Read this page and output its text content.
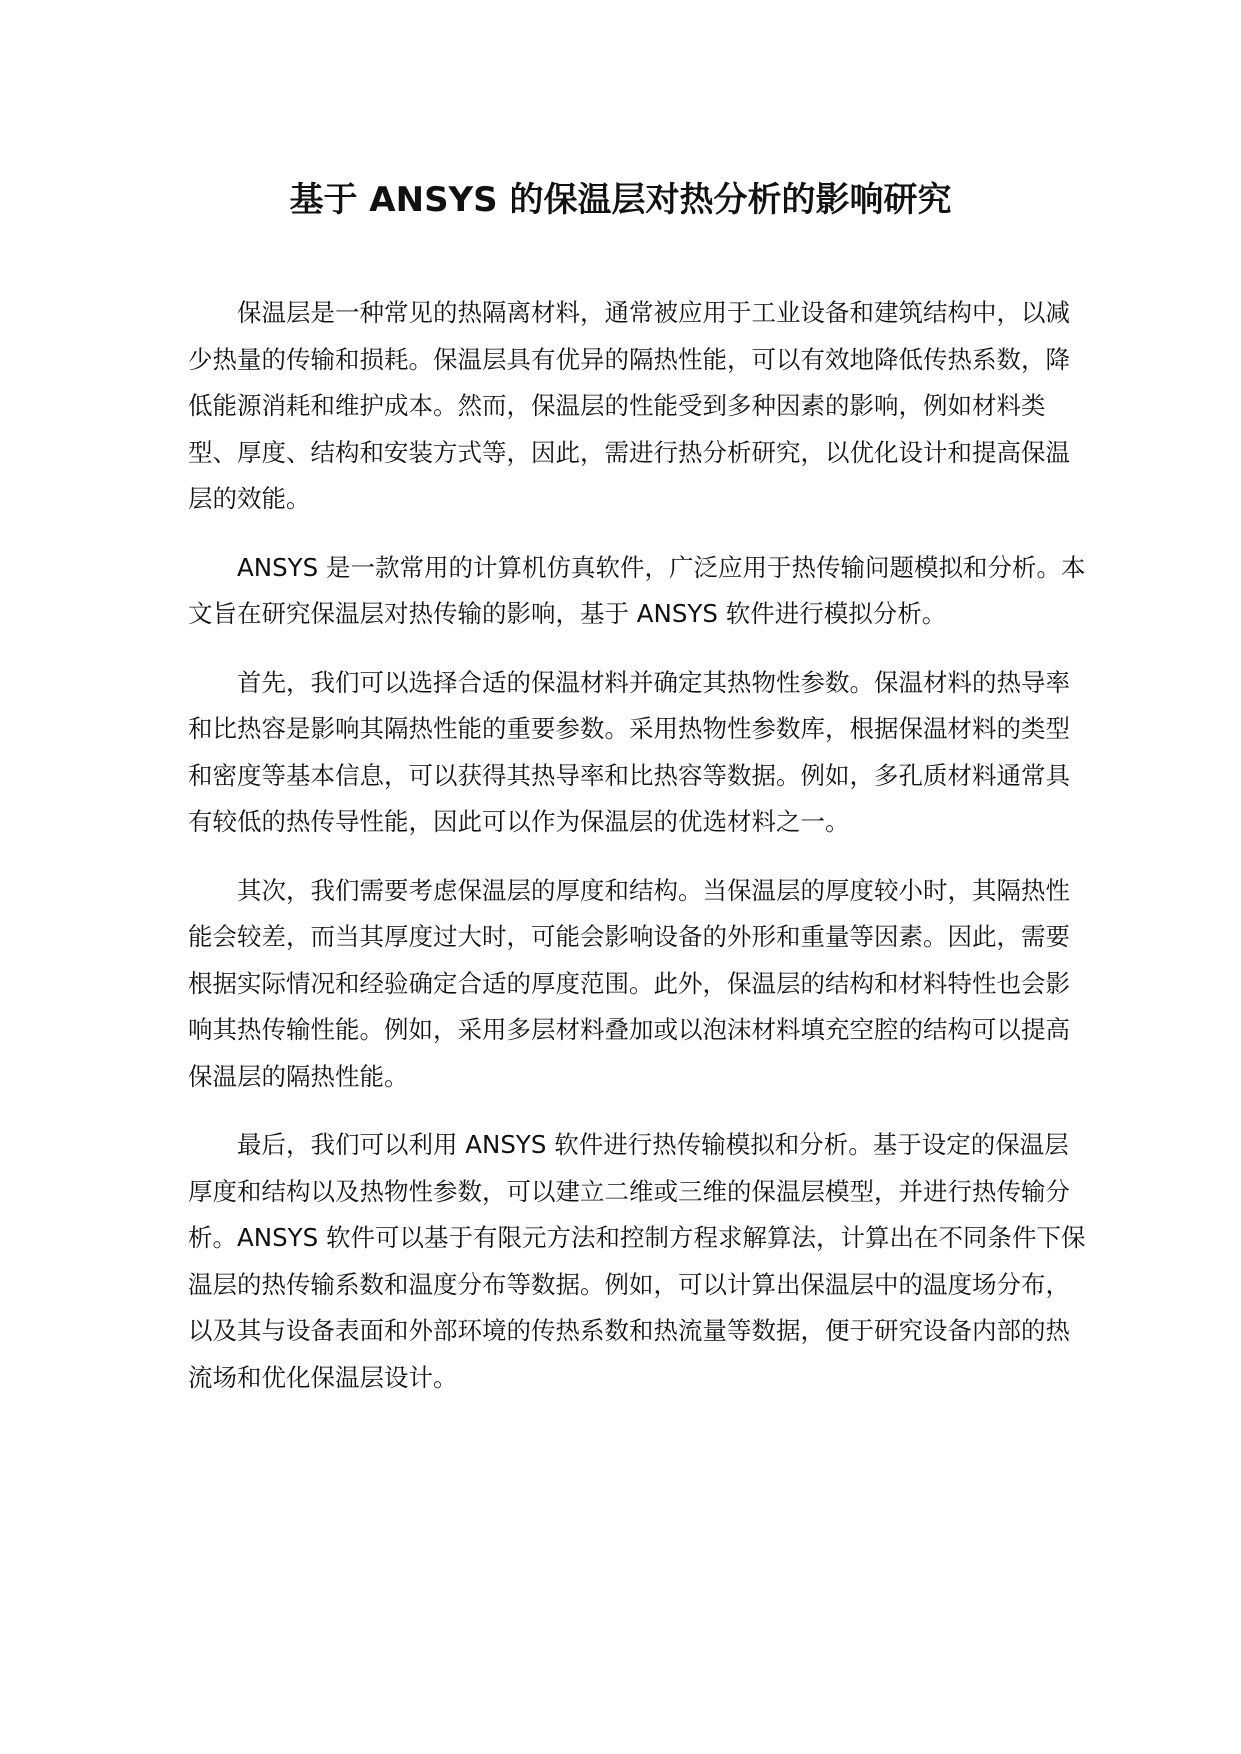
基于 ANSYS 的保温层对热分析的影响研究

保温层是一种常见的热隔离材料，通常被应用于工业设备和建筑结构中，以减少热量的传输和损耗。保温层具有优异的隔热性能，可以有效地降低传热系数，降低能源消耗和维护成本。然而，保温层的性能受到多种因素的影响，例如材料类型、厚度、结构和安装方式等，因此，需进行热分析研究，以优化设计和提高保温层的效能。

ANSYS 是一款常用的计算机仿真软件，广泛应用于热传输问题模拟和分析。本文旨在研究保温层对热传输的影响，基于 ANSYS 软件进行模拟分析。

首先，我们可以选择合适的保温材料并确定其热物性参数。保温材料的热导率和比热容是影响其隔热性能的重要参数。采用热物性参数库，根据保温材料的类型和密度等基本信息，可以获得其热导率和比热容等数据。例如，多孔质材料通常具有较低的热传导性能，因此可以作为保温层的优选材料之一。

其次，我们需要考虑保温层的厚度和结构。当保温层的厚度较小时，其隔热性能会较差，而当其厚度过大时，可能会影响设备的外形和重量等因素。因此，需要根据实际情况和经验确定合适的厚度范围。此外，保温层的结构和材料特性也会影响其热传输性能。例如，采用多层材料叠加或以泡沫材料填充空腔的结构可以提高保温层的隔热性能。

最后，我们可以利用 ANSYS 软件进行热传输模拟和分析。基于设定的保温层厚度和结构以及热物性参数，可以建立二维或三维的保温层模型，并进行热传输分析。ANSYS 软件可以基于有限元方法和控制方程求解算法，计算出在不同条件下保温层的热传输系数和温度分布等数据。例如，可以计算出保温层中的温度场分布，以及其与设备表面和外部环境的传热系数和热流量等数据，便于研究设备内部的热流场和优化保温层设计。
